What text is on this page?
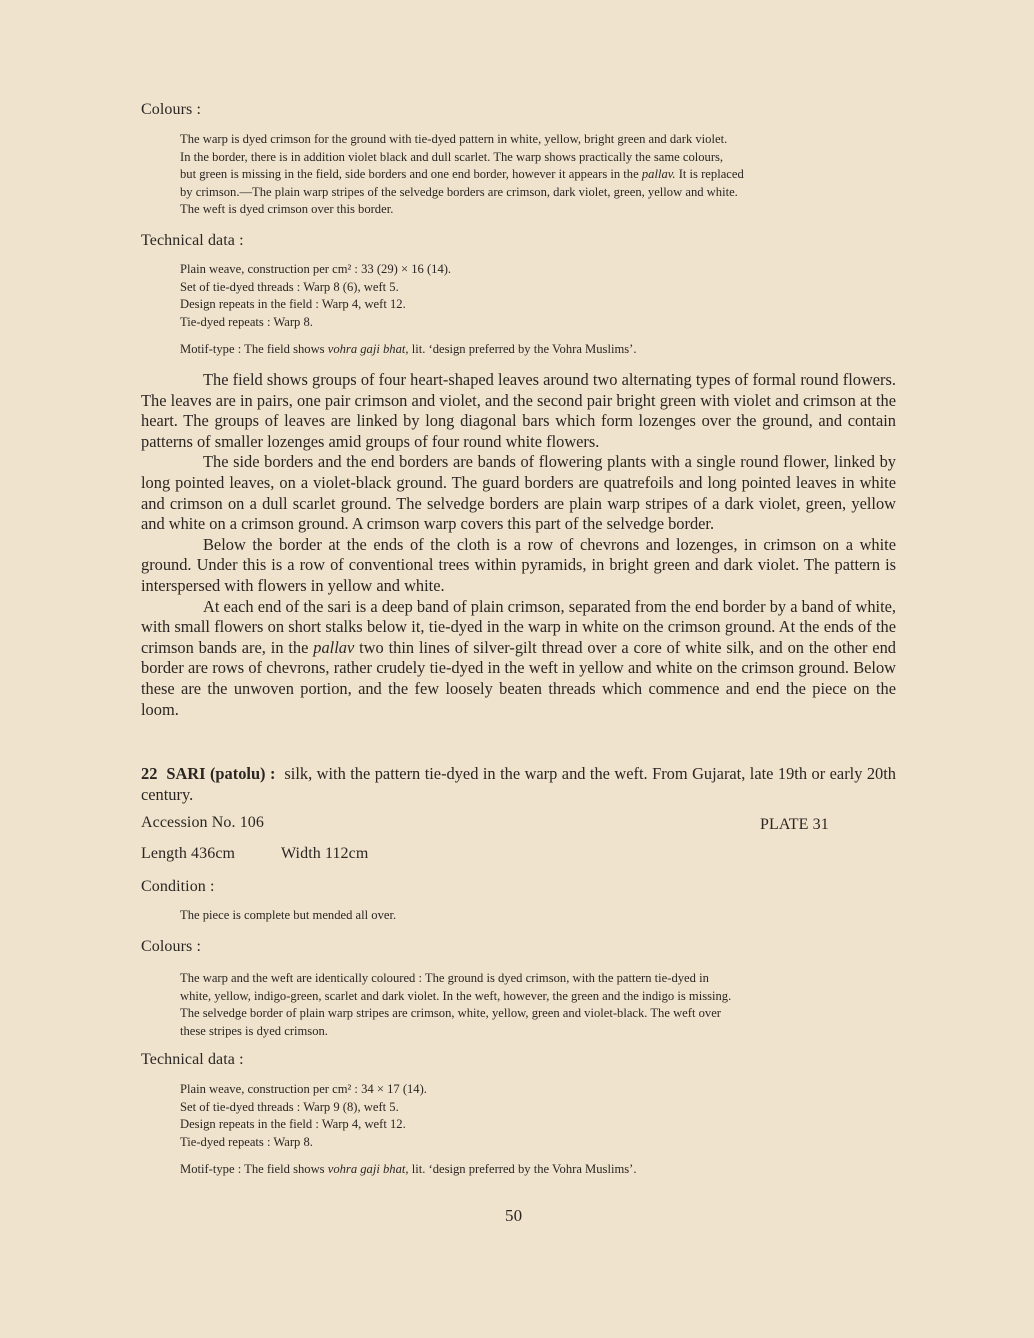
Colours :

The warp is dyed crimson for the ground with tie-dyed pattern in white, yellow, bright green and dark violet.

In the border, there is in addition violet black and dull scarlet. The warp shows practically the same colours,

but green is missing in the field, side borders and one end border, however it appears in the pallav. It is replaced

by crimson.—The plain warp stripes of the selvedge borders are crimson, dark violet, green, yellow and white.

The weft is dyed crimson over this border.

Technical data :

Plain weave, construction per cm² : 33 (29) × 16 (14).

Set of tie-dyed threads : Warp 8 (6), weft 5.

Design repeats in the field : Warp 4, weft 12.

Tie-dyed repeats : Warp 8.

Motif-type : The field shows vohra gaji bhat, lit. ‘design preferred by the Vohra Muslims’.

The field shows groups of four heart-shaped leaves around two alternating types of formal round flowers. The leaves are in pairs, one pair crimson and violet, and the second pair bright green with violet and crimson at the heart. The groups of leaves are linked by long diagonal bars which form lozenges over the ground, and contain patterns of smaller lozenges amid groups of four round white flowers.

The side borders and the end borders are bands of flowering plants with a single round flower, linked by long pointed leaves, on a violet-black ground. The guard borders are quatrefoils and long pointed leaves in white and crimson on a dull scarlet ground. The selvedge borders are plain warp stripes of a dark violet, green, yellow and white on a crimson ground. A crimson warp covers this part of the selvedge border.

Below the border at the ends of the cloth is a row of chevrons and lozenges, in crimson on a white ground. Under this is a row of conventional trees within pyramids, in bright green and dark violet. The pattern is interspersed with flowers in yellow and white.

At each end of the sari is a deep band of plain crimson, separated from the end border by a band of white, with small flowers on short stalks below it, tie-dyed in the warp in white on the crimson ground. At the ends of the crimson bands are, in the pallav two thin lines of silver-gilt thread over a core of white silk, and on the other end border are rows of chevrons, rather crudely tie-dyed in the weft in yellow and white on the crimson ground. Below these are the unwoven portion, and the few loosely beaten threads which commence and end the piece on the loom.

22 SARI (patolu) : silk, with the pattern tie-dyed in the warp and the weft. From Gujarat, late 19th or early 20th century.

Accession No. 106	PLATE 31
Length 436cm	Width 112cm
Condition :
The piece is complete but mended all over.
Colours :

The warp and the weft are identically coloured : The ground is dyed crimson, with the pattern tie-dyed in

white, yellow, indigo-green, scarlet and dark violet. In the weft, however, the green and the indigo is missing.

The selvedge border of plain warp stripes are crimson, white, yellow, green and violet-black. The weft over

these stripes is dyed crimson.

Technical data :

Plain weave, construction per cm² : 34 × 17 (14).

Set of tie-dyed threads : Warp 9 (8), weft 5.

Design repeats in the field : Warp 4, weft 12.

Tie-dyed repeats : Warp 8.

Motif-type : The field shows vohra gaji bhat, lit. ‘design preferred by the Vohra Muslims’.

50
